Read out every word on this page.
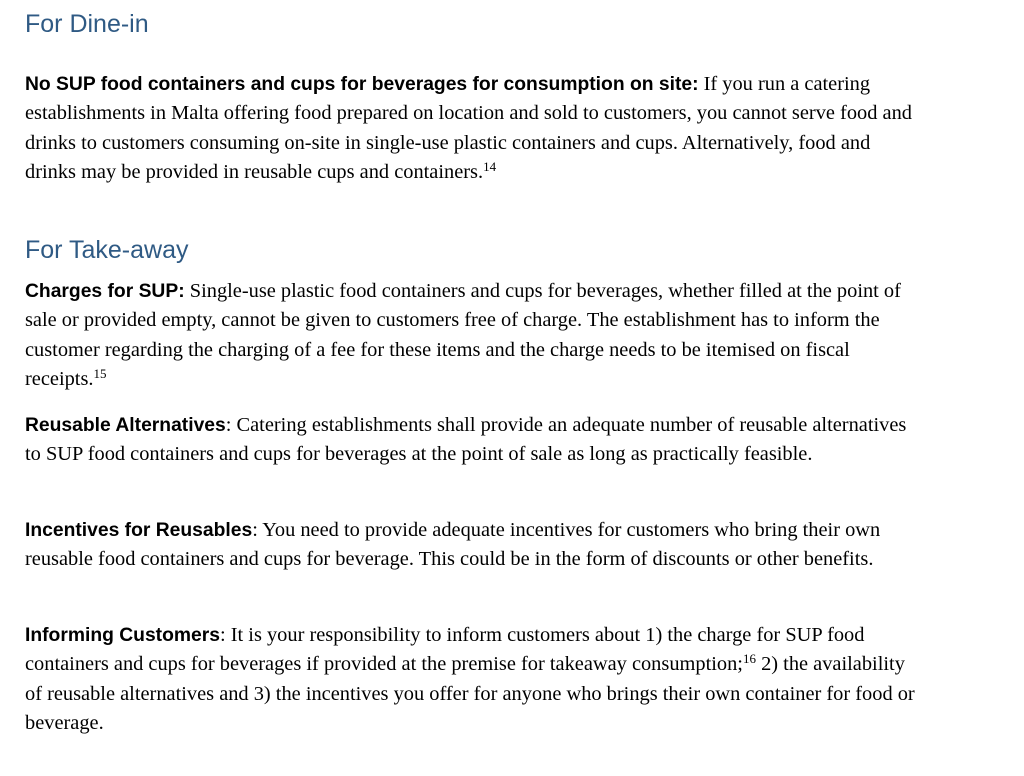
For Dine-in

No SUP food containers and cups for beverages for consumption on site: If you run a catering establishments in Malta offering food prepared on location and sold to customers, you cannot serve food and drinks to customers consuming on-site in single-use plastic containers and cups. Alternatively, food and drinks may be provided in reusable cups and containers.$^{14}$

For Take-away

Charges for SUP: Single-use plastic food containers and cups for beverages, whether filled at the point of sale or provided empty, cannot be given to customers free of charge. The establishment has to inform the customer regarding the charging of a fee for these items and the charge needs to be itemised on fiscal receipts.$^{15}$

Reusable Alternatives: Catering establishments shall provide an adequate number of reusable alternatives to SUP food containers and cups for beverages at the point of sale as long as practically feasible.

Incentives for Reusables: You need to provide adequate incentives for customers who bring their own reusable food containers and cups for beverage. This could be in the form of discounts or other benefits.

Informing Customers: It is your responsibility to inform customers about 1) the charge for SUP food containers and cups for beverages if provided at the premise for takeaway consumption;$^{16}$ 2) the availability of reusable alternatives and 3) the incentives you offer for anyone who brings their own container for food or beverage.
